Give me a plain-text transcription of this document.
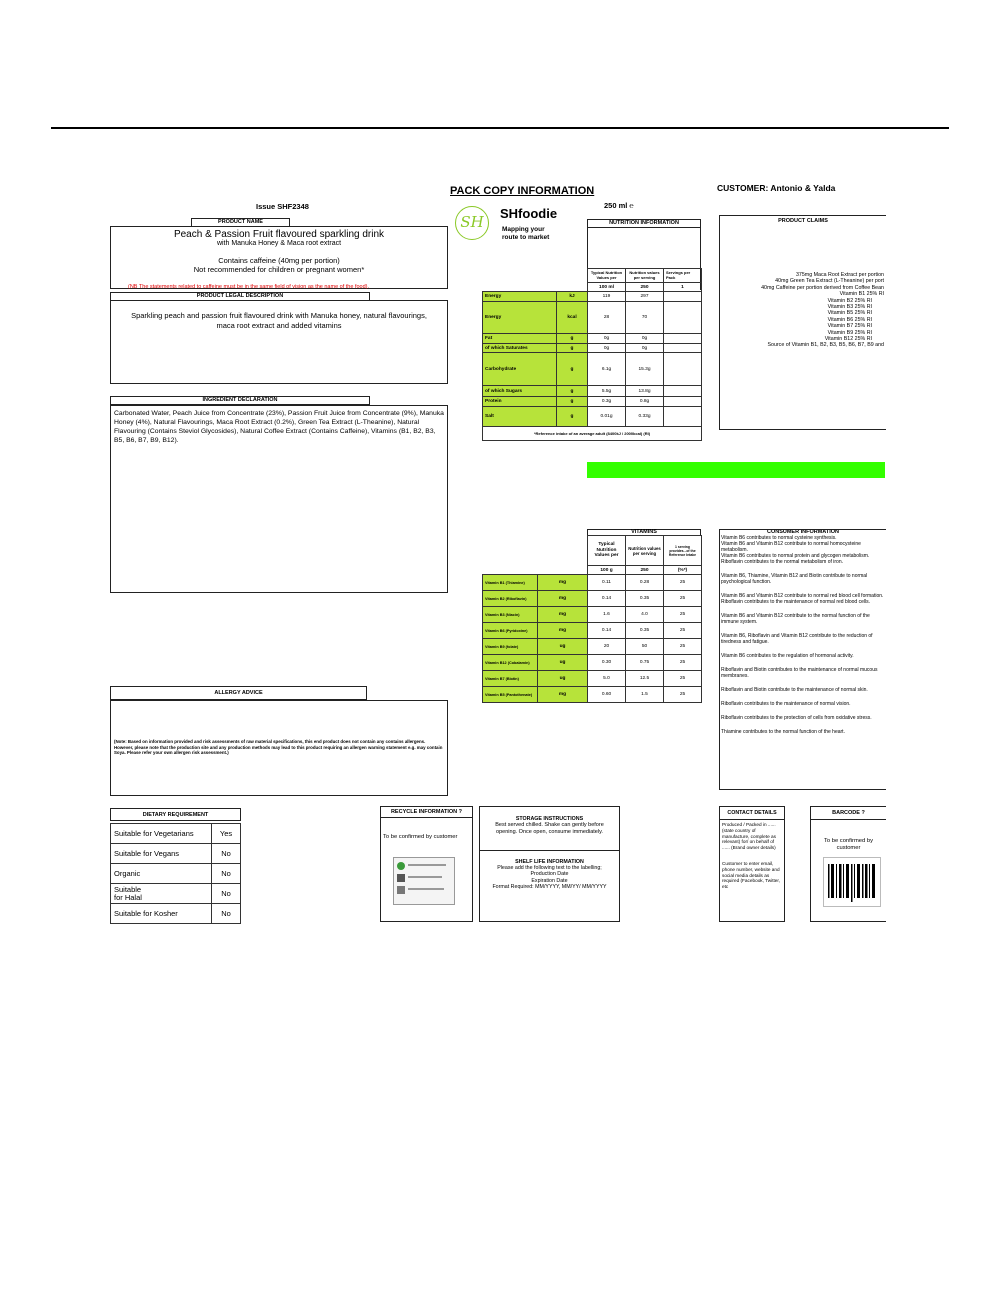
Issue SHF2348
PACK COPY INFORMATION
250 ml ℮
CUSTOMER: Antonio & Yalda
SH	SHfoodie
Mapping your
route to market
PRODUCT NAME
Peach & Passion Fruit flavoured sparkling drink
with Manuka Honey & Maca root extract
Contains caffeine (40mg per portion)
Not recommended for children or pregnant women*
(NB The statements related to caffeine must be in the same field of vision as the name of the food).
PRODUCT LEGAL DESCRIPTION
Sparkling peach and passion fruit flavoured drink with Manuka honey, natural flavourings, maca root extract and added vitamins
INGREDIENT DECLARATION
Carbonated Water, Peach Juice from Concentrate (23%), Passion Fruit Juice from Concentrate (9%), Manuka Honey (4%), Natural Flavourings, Maca Root Extract (0.2%), Green Tea Extract (L-Theanine), Natural Flavouring (Contains Steviol Glycosides), Natural Coffee Extract (Contains Caffeine), Vitamins (B1, B2, B3, B5, B6, B7, B9, B12).
ALLERGY ADVICE
(Note: Based on information provided and risk assessments of raw material specifications, this end product does not contain any contains allergens. However, please note that the production site and any production methods may lead to this product requiring an allergen warning statement e.g. may contain Soya. Please refer your own allergen risk assessment.)
DIETARY REQUIREMENT
Suitable for Vegetarians	Yes
Suitable for Vegans	No
Organic	No
Suitable
for Halal	No
Suitable for Kosher	No
RECYCLE INFORMATION ?
To be confirmed by customer
STORAGE INSTRUCTIONS
Best served chilled. Shake can gently before opening. Once open, consume immediately.
SHELF LIFE INFORMATION
Please add the following text to the labelling;
Production Date
Expiration Date
Format Required: MM/YYYY, MM/YY/ MM/YYYY
NUTRITION INFORMATION
		Typical Nutrition Values per	Nutrition values per serving	Servings per Pack
		100 ml	250	1
Energy	kJ	119	297	
Energy	kcal	28	70	
Fat	g	0g	0g	
of which Saturates	g	0g	0g	
Carbohydrate	g	6.1g	15.3g	
of which Sugars	g	5.5g	13.8g	
Protein	g	0.3g	0.8g	
Salt	g	0.01g	0.33g	
*Reference intake of an average adult (8400kJ / 2000kcal) (RI)				
VITAMINS
		Typical Nutrition Values per	Nutrition values per serving	1 serving provides...of the Reference Intake
		100 g	250	(%*)
Vitamin B1 (Thiamine)	mg	0.11	0.28	25
Vitamin B2 (Riboflavin)	mg	0.14	0.35	25
Vitamin B3 (Niacin)	mg	1.6	4.0	25
Vitamin B6 (Pyridoxine)	mg	0.14	0.35	25
Vitamin B9 (folate)	ug	20	50	25
Vitamin B12 (Cobalamin)	ug	0.30	0.75	25
Vitamin B7 (Biotin)	ug	5.0	12.5	25
Vitamin B5 (Pantothenate)	mg	0.60	1.5	25
PRODUCT CLAIMS
375mg Maca Root Extract per portion
40mg Green Tea Extract (L-Theanine) per port
40mg Caffeine per portion derived from Coffee Bean
Vitamin B1 25% RI
Vitamin B2 25% RI
Vitamin B3 25% RI
Vitamin B5 25% RI
Vitamin B6 25% RI
Vitamin B7 25% RI
Vitamin B9 25% RI
Vitamin B12 25% RI
Source of Vitamin B1, B2, B3, B5, B6, B7, B9 and
CONSUMER INFORMATION

Vitamin B6 contributes to normal cysteine synthesis.

Vitamin B6 and Vitamin B12 contribute to normal homocysteine metabolism.

Vitamin B6 contributes to normal protein and glycogen metabolism.

Riboflavin contributes to the normal metabolism of iron.

Vitamin B6, Thiamine, Vitamin B12 and Biotin contribute to normal psychological function.

Vitamin B6 and Vitamin B12 contribute to normal red blood cell formation.

Riboflavin contributes to the maintenance of normal red blood cells.

Vitamin B6 and Vitamin B12 contribute to the normal function of the immune system.

Vitamin B6, Riboflavin and Vitamin B12 contribute to the reduction of tiredness and fatigue.

Vitamin B6 contributes to the regulation of hormonal activity.

Riboflavin and Biotin contributes to the maintenance of normal mucous membranes.

Riboflavin and Biotin contribute to the maintenance of normal skin.

Riboflavin contributes to the maintenance of normal vision.

Riboflavin contributes to the protection of cells from oxidative stress.

Thiamine contributes to the normal function of the heart.

CONTACT DETAILS
Produced / Packed in ...... (state country of manufacture, complete as relevant) for/ on behalf of ...... (Brand owner details)
Customer to enter email, phone number, website and social media details as required (Facebook, Twitter, etc
BARCODE ?
To be confirmed by customer
